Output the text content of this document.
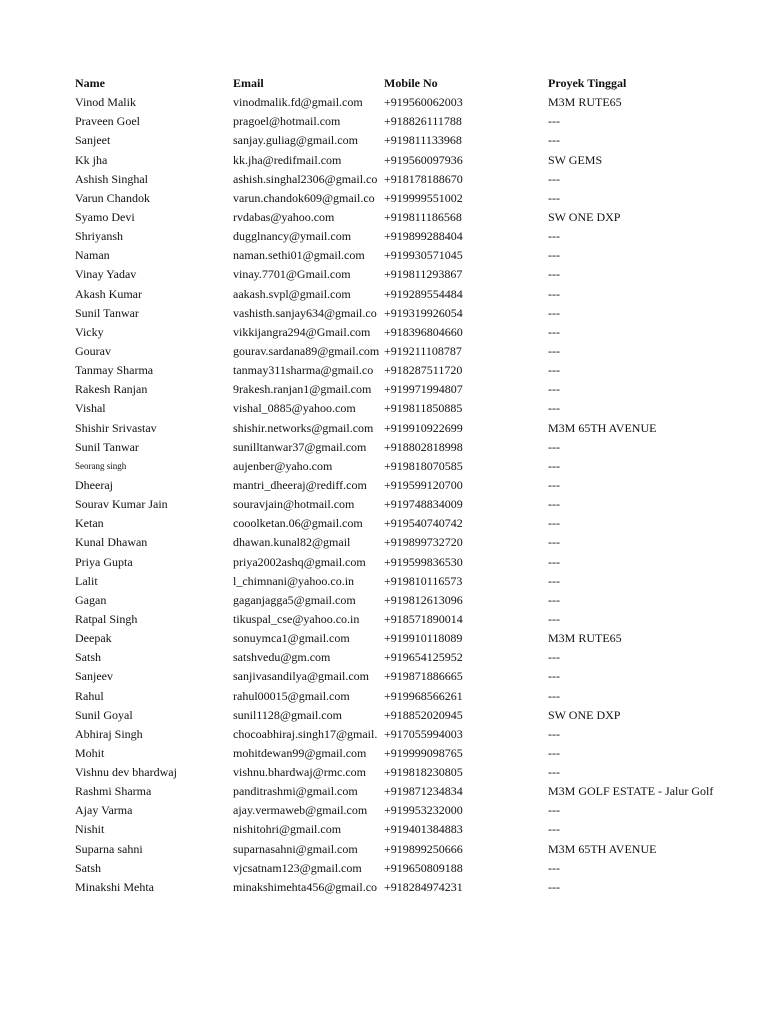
Name	Email	Mobile No	Proyek Tinggal
Vinod Malik	vinodmalik.fd@gmail.com +919560062003	M3M RUTE65
Praveen Goel	pragoel@hotmail.com	+918826111788	---
Sanjeet	sanjay.guliag@gmail.com +919811133968	---
Kk jha	kk.jha@redifmail.com	+919560097936	SW GEMS
Ashish Singhal	ashish.singhal2306@gmail.co +918178188670	---
Varun Chandok	varun.chandok609@gmail.co +919999551002	---
Syamo Devi	rvdabas@yahoo.com	+919811186568	SW ONE DXP
Shriyansh	dugglnancy@ymail.com	+919899288404	---
Naman	naman.sethi01@gmail.com +919930571045	---
Vinay Yadav	vinay.7701@Gmail.com	+919811293867	---
Akash Kumar	aakash.svpl@gmail.com	+919289554484	---
Sunil Tanwar	vashisth.sanjay634@gmail.co +919319926054	---
Vicky	vikkijangra294@Gmail.com +918396804660	---
Gourav	gourav.sardana89@gmail.com +919211108787	---
Tanmay Sharma	tanmay311sharma@gmail.co +918287511720	---
Rakesh Ranjan	9rakesh.ranjan1@gmail.com +919971994807	---
Vishal	vishal_0885@yahoo.com +919811850885	---
Shishir Srivastav	shishir.networks@gmail.com +919910922699	M3M 65TH AVENUE
Sunil Tanwar	sunilltanwar37@gmail.com +918802818998	---
Seorang singh	aujenber@yaho.com	+919818070585	---
Dheeraj	mantri_dheeraj@rediff.com +919599120700	---
Sourav Kumar Jain	souravjain@hotmail.com +919748834009	---
Ketan	cooolketan.06@gmail.com +919540740742	---
Kunal Dhawan	dhawan.kunal82@gmail	+919899732720	---
Priya Gupta	priya2002ashq@gmail.com +919599836530	---
Lalit	l_chimnani@yahoo.co.in +919810116573	---
Gagan	gaganjagga5@gmail.com +919812613096	---
Ratpal Singh	tikuspal_cse@yahoo.co.in +918571890014	---
Deepak	sonuymca1@gmail.com	+919910118089	M3M RUTE65
Satsh	satshvedu@gm.com	+919654125952	---
Sanjeev	sanjivasandilya@gmail.com +919871886665	---
Rahul	rahul00015@gmail.com	+919968566261	---
Sunil Goyal	sunil1128@gmail.com	+918852020945	SW ONE DXP
Abhiraj Singh	chocoabhiraj.singh17@gmail. +917055994003	---
Mohit	mohitdewan99@gmail.com +919999098765	---
Vishnu dev bhardwaj	vishnu.bhardwaj@rmc.com +919818230805	---
Rashmi Sharma	panditrashmi@gmail.com +919871234834	M3M GOLF ESTATE - Jalur Golf
Ajay Varma	ajay.vermaweb@gmail.com +919953232000	---
Nishit	nishitohri@gmail.com	+919401384883	---
Suparna sahni	suparnasahni@gmail.com +919899250666	M3M 65TH AVENUE
Satsh	vjcsatnam123@gmail.com +919650809188	---
Minakshi Mehta	minakshimehta456@gmail.co +918284974231	---
